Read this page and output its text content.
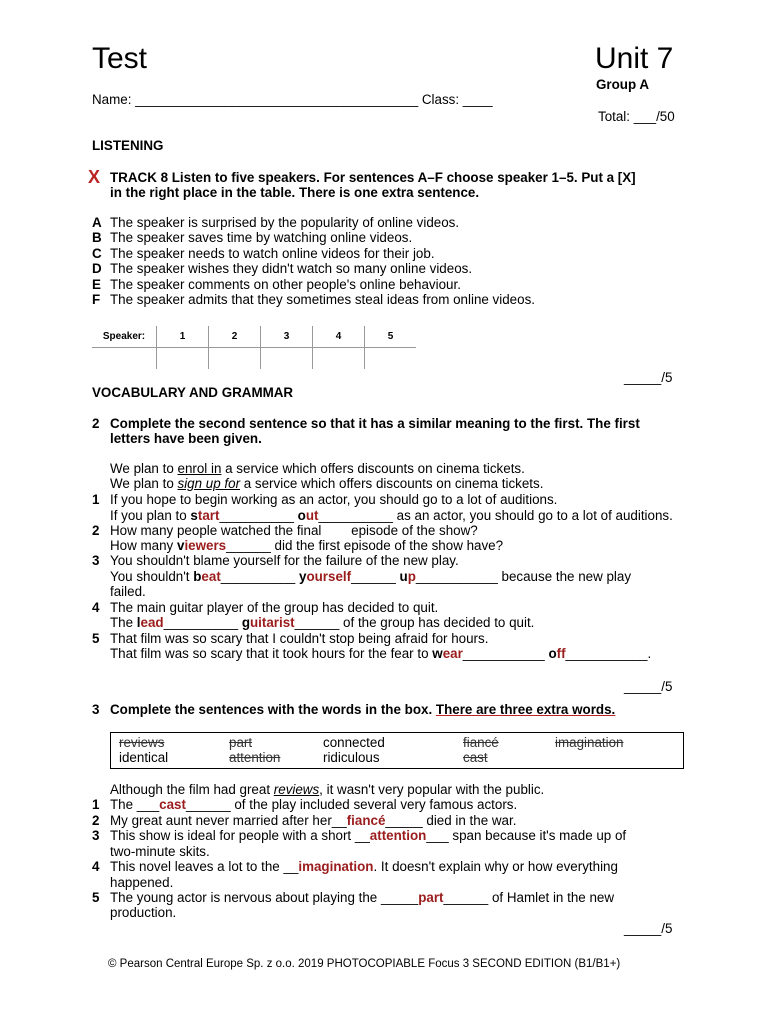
Test	Unit 7
Group A
Name: ______________________________________ Class: ____
Total: ___/50
LISTENING
X TRACK 8 Listen to five speakers. For sentences A–F choose speaker 1–5. Put a [X]
in the right place in the table. There is one extra sentence.
A The speaker is surprised by the popularity of online videos.
B The speaker saves time by watching online videos.
C The speaker needs to watch online videos for their job.
D The speaker wishes they didn't watch so many online videos.
E The speaker comments on other people's online behaviour.
F The speaker admits that they sometimes steal ideas from online videos.
Speaker:	1	2	3	4	5

_____/5
VOCABULARY AND GRAMMAR
2 Complete the second sentence so that it has a similar meaning to the first. The first
letters have been given.
We plan to enrol in a service which offers discounts on cinema tickets.
We plan to sign up for a service which offers discounts on cinema tickets.
1 If you hope to begin working as an actor, you should go to a lot of auditions.
If you plan to start__________ out__________ as an actor, you should go to a lot of auditions.
2 How many people watched the final        episode of the show?
How many viewers______ did the first episode of the show have?
3 You shouldn't blame yourself for the failure of the new play.
You shouldn't beat__________ yourself______ up___________ because the new play
failed.
4 The main guitar player of the group has decided to quit.
The lead__________ guitarist______ of the group has decided to quit.
5 That film was so scary that I couldn't stop being afraid for hours.
That film was so scary that it took hours for the fear to wear___________ off___________.
_____/5
3 Complete the sentences with the words in the box. There are three extra words.
reviews	part	connected	fiancé	imagination
identical	attention	ridiculous	cast
Although the film had great reviews, it wasn't very popular with the public.
1 The ___cast______ of the play included several very famous actors.
2 My great aunt never married after her__fiancé_____ died in the war.
3 This show is ideal for people with a short __attention___ span because it's made up of
two-minute skits.
4 This novel leaves a lot to the __imagination. It doesn't explain why or how everything
happened.
5 The young actor is nervous about playing the _____part______ of Hamlet in the new
production.
_____/5
© Pearson Central Europe Sp. z o.o. 2019 PHOTOCOPIABLE Focus 3 SECOND EDITION (B1/B1+)
